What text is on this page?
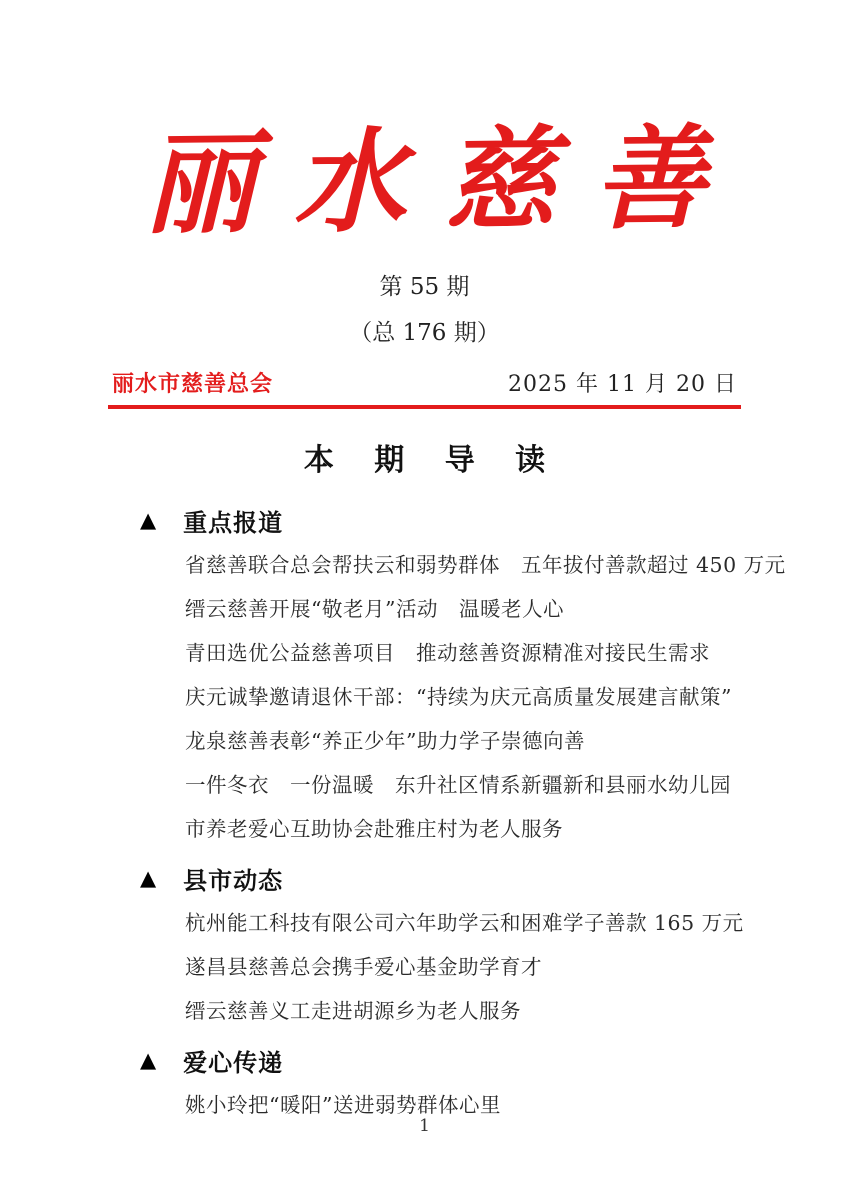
丽水慈善
第 55 期
（总 176 期）
丽水市慈善总会	2025 年 11 月 20 日
本 期 导 读
▲ 重点报道
省慈善联合总会帮扶云和弱势群体　五年拔付善款超过 450 万元
缙云慈善开展“敬老月”活动　温暖老人心
青田选优公益慈善项目　推动慈善资源精准对接民生需求
庆元诚挚邀请退休干部：“持续为庆元高质量发展建言献策”
龙泉慈善表彰“养正少年”助力学子崇德向善
一件冬衣　一份温暖　东升社区情系新疆新和县丽水幼儿园
市养老爱心互助协会赴雅庄村为老人服务
▲ 县市动态
杭州能工科技有限公司六年助学云和困难学子善款 165 万元
遂昌县慈善总会携手爱心基金助学育才
缙云慈善义工走进胡源乡为老人服务
▲ 爱心传递
姚小玲把“暖阳”送进弱势群体心里
1
